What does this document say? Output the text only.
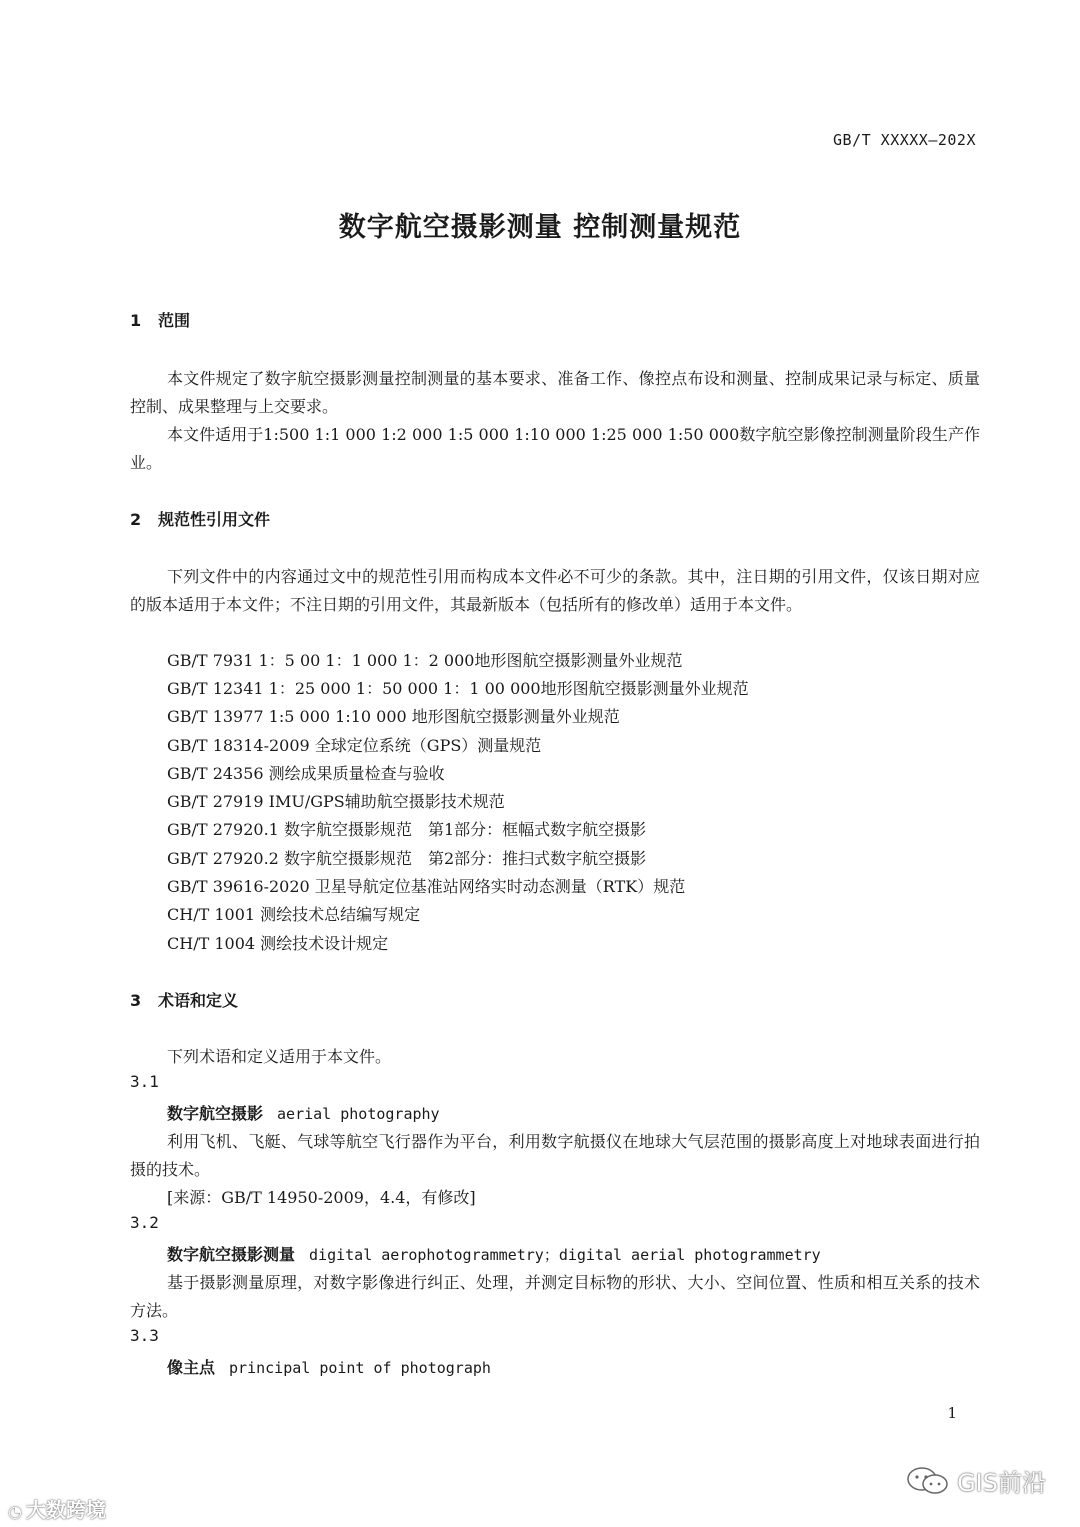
GB/T XXXXX—202X
数字航空摄影测量 控制测量规范
1 范围
本文件规定了数字航空摄影测量控制测量的基本要求、准备工作、像控点布设和测量、控制成果记录与标定、质量控制、成果整理与上交要求。
本文件适用于1:500 1:1 000 1:2 000 1:5 000 1:10 000 1:25 000 1:50 000数字航空影像控制测量阶段生产作业。
2 规范性引用文件
下列文件中的内容通过文中的规范性引用而构成本文件必不可少的条款。其中，注日期的引用文件，仅该日期对应的版本适用于本文件；不注日期的引用文件，其最新版本（包括所有的修改单）适用于本文件。
GB/T 7931 1：5 00 1：1 000 1：2 000地形图航空摄影测量外业规范
GB/T 12341 1：25 000 1：50 000 1：1 00 000地形图航空摄影测量外业规范
GB/T 13977 1:5 000 1:10 000 地形图航空摄影测量外业规范
GB/T 18314-2009 全球定位系统（GPS）测量规范
GB/T 24356 测绘成果质量检查与验收
GB/T 27919 IMU/GPS辅助航空摄影技术规范
GB/T 27920.1 数字航空摄影规范　第1部分：框幅式数字航空摄影
GB/T 27920.2 数字航空摄影规范　第2部分：推扫式数字航空摄影
GB/T 39616-2020 卫星导航定位基准站网络实时动态测量（RTK）规范
CH/T 1001 测绘技术总结编写规定
CH/T 1004 测绘技术设计规定
3 术语和定义
下列术语和定义适用于本文件。
3.1
数字航空摄影 aerial photography
利用飞机、飞艇、气球等航空飞行器作为平台，利用数字航摄仪在地球大气层范围的摄影高度上对地球表面进行拍摄的技术。
[来源：GB/T 14950-2009，4.4，有修改]
3.2
数字航空摄影测量 digital aerophotogrammetry；digital aerial photogrammetry
基于摄影测量原理，对数字影像进行纠正、处理，并测定目标物的形状、大小、空间位置、性质和相互关系的技术方法。
3.3
像主点 principal point of photograph
1
◔ 大数跨境
GIS前沿
